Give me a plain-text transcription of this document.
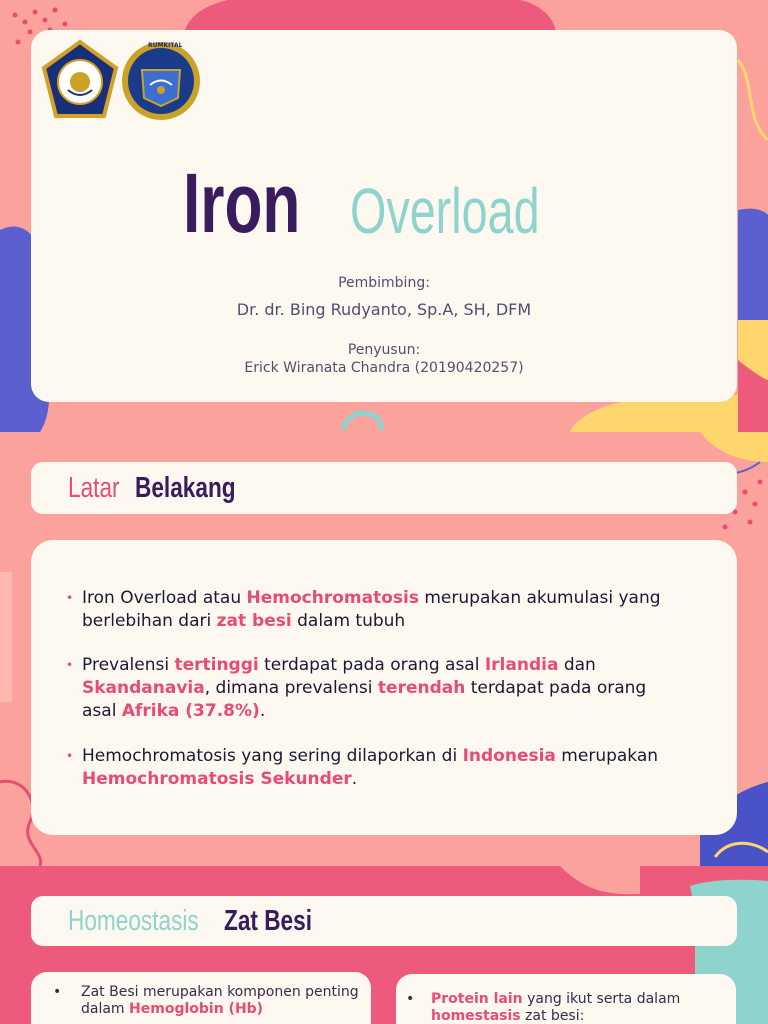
RUMKITAL
Iron Overload
Pembimbing:
Dr. dr. Bing Rudyanto, Sp.A, SH, DFM
Penyusun:
Erick Wiranata Chandra (20190420257)
Latar Belakang
• Iron Overload atau Hemochromatosis merupakan akumulasi yang berlebihan dari zat besi dalam tubuh
• Prevalensi tertinggi terdapat pada orang asal Irlandia dan Skandanavia, dimana prevalensi terendah terdapat pada orang asal Afrika (37.8%).
• Hemochromatosis yang sering dilaporkan di Indonesia merupakan Hemochromatosis Sekunder.
Homeostasis Zat Besi
• Zat Besi merupakan komponen penting
dalam Hemoglobin (Hb)
• Protein lain yang ikut serta dalam
homestasis zat besi:
